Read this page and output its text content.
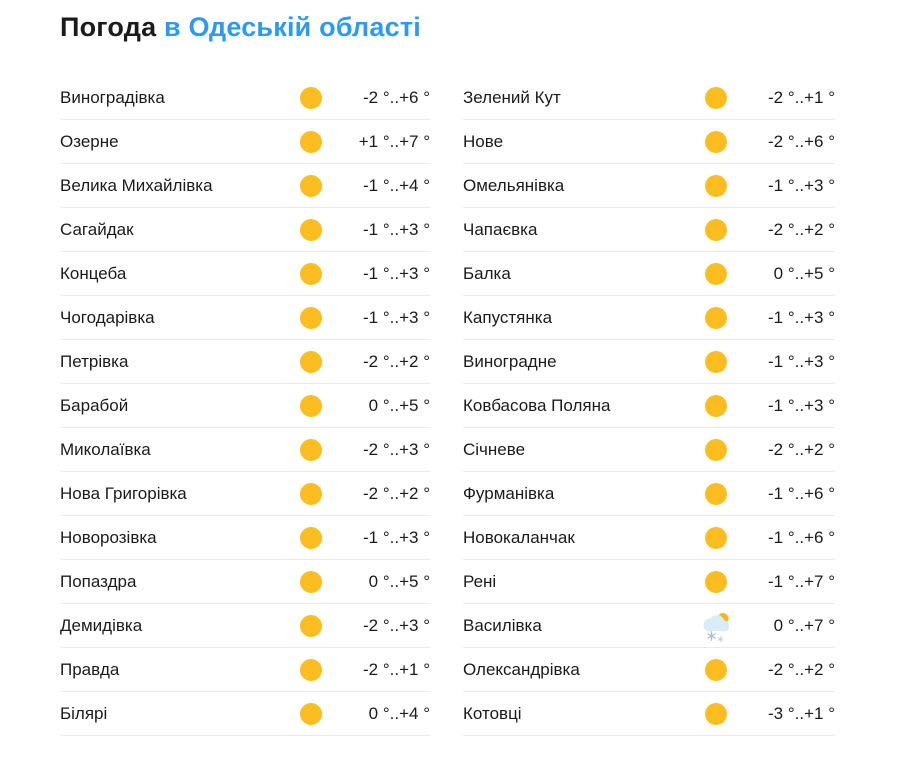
Погода в Одеській області
Виноградівка	-2 °..+6 °
Озерне	+1 °..+7 °
Велика Михайлівка	-1 °..+4 °
Сагайдак	-1 °..+3 °
Концеба	-1 °..+3 °
Чогодарівка	-1 °..+3 °
Петрівка	-2 °..+2 °
Барабой	0 °..+5 °
Миколаївка	-2 °..+3 °
Нова Григорівка	-2 °..+2 °
Новорозівка	-1 °..+3 °
Попаздра	0 °..+5 °
Демидівка	-2 °..+3 °
Правда	-2 °..+1 °
Білярі	0 °..+4 °
Зелений Кут	-2 °..+1 °
Нове	-2 °..+6 °
Омельянівка	-1 °..+3 °
Чапаєвка	-2 °..+2 °
Балка	0 °..+5 °
Капустянка	-1 °..+3 °
Виноградне	-1 °..+3 °
Ковбасова Поляна	-1 °..+3 °
Січневе	-2 °..+2 °
Фурманівка	-1 °..+6 °
Новокаланчак	-1 °..+6 °
Рені	-1 °..+7 °
Василівка	0 °..+7 °
Олександрівка	-2 °..+2 °
Котовці	-3 °..+1 °
